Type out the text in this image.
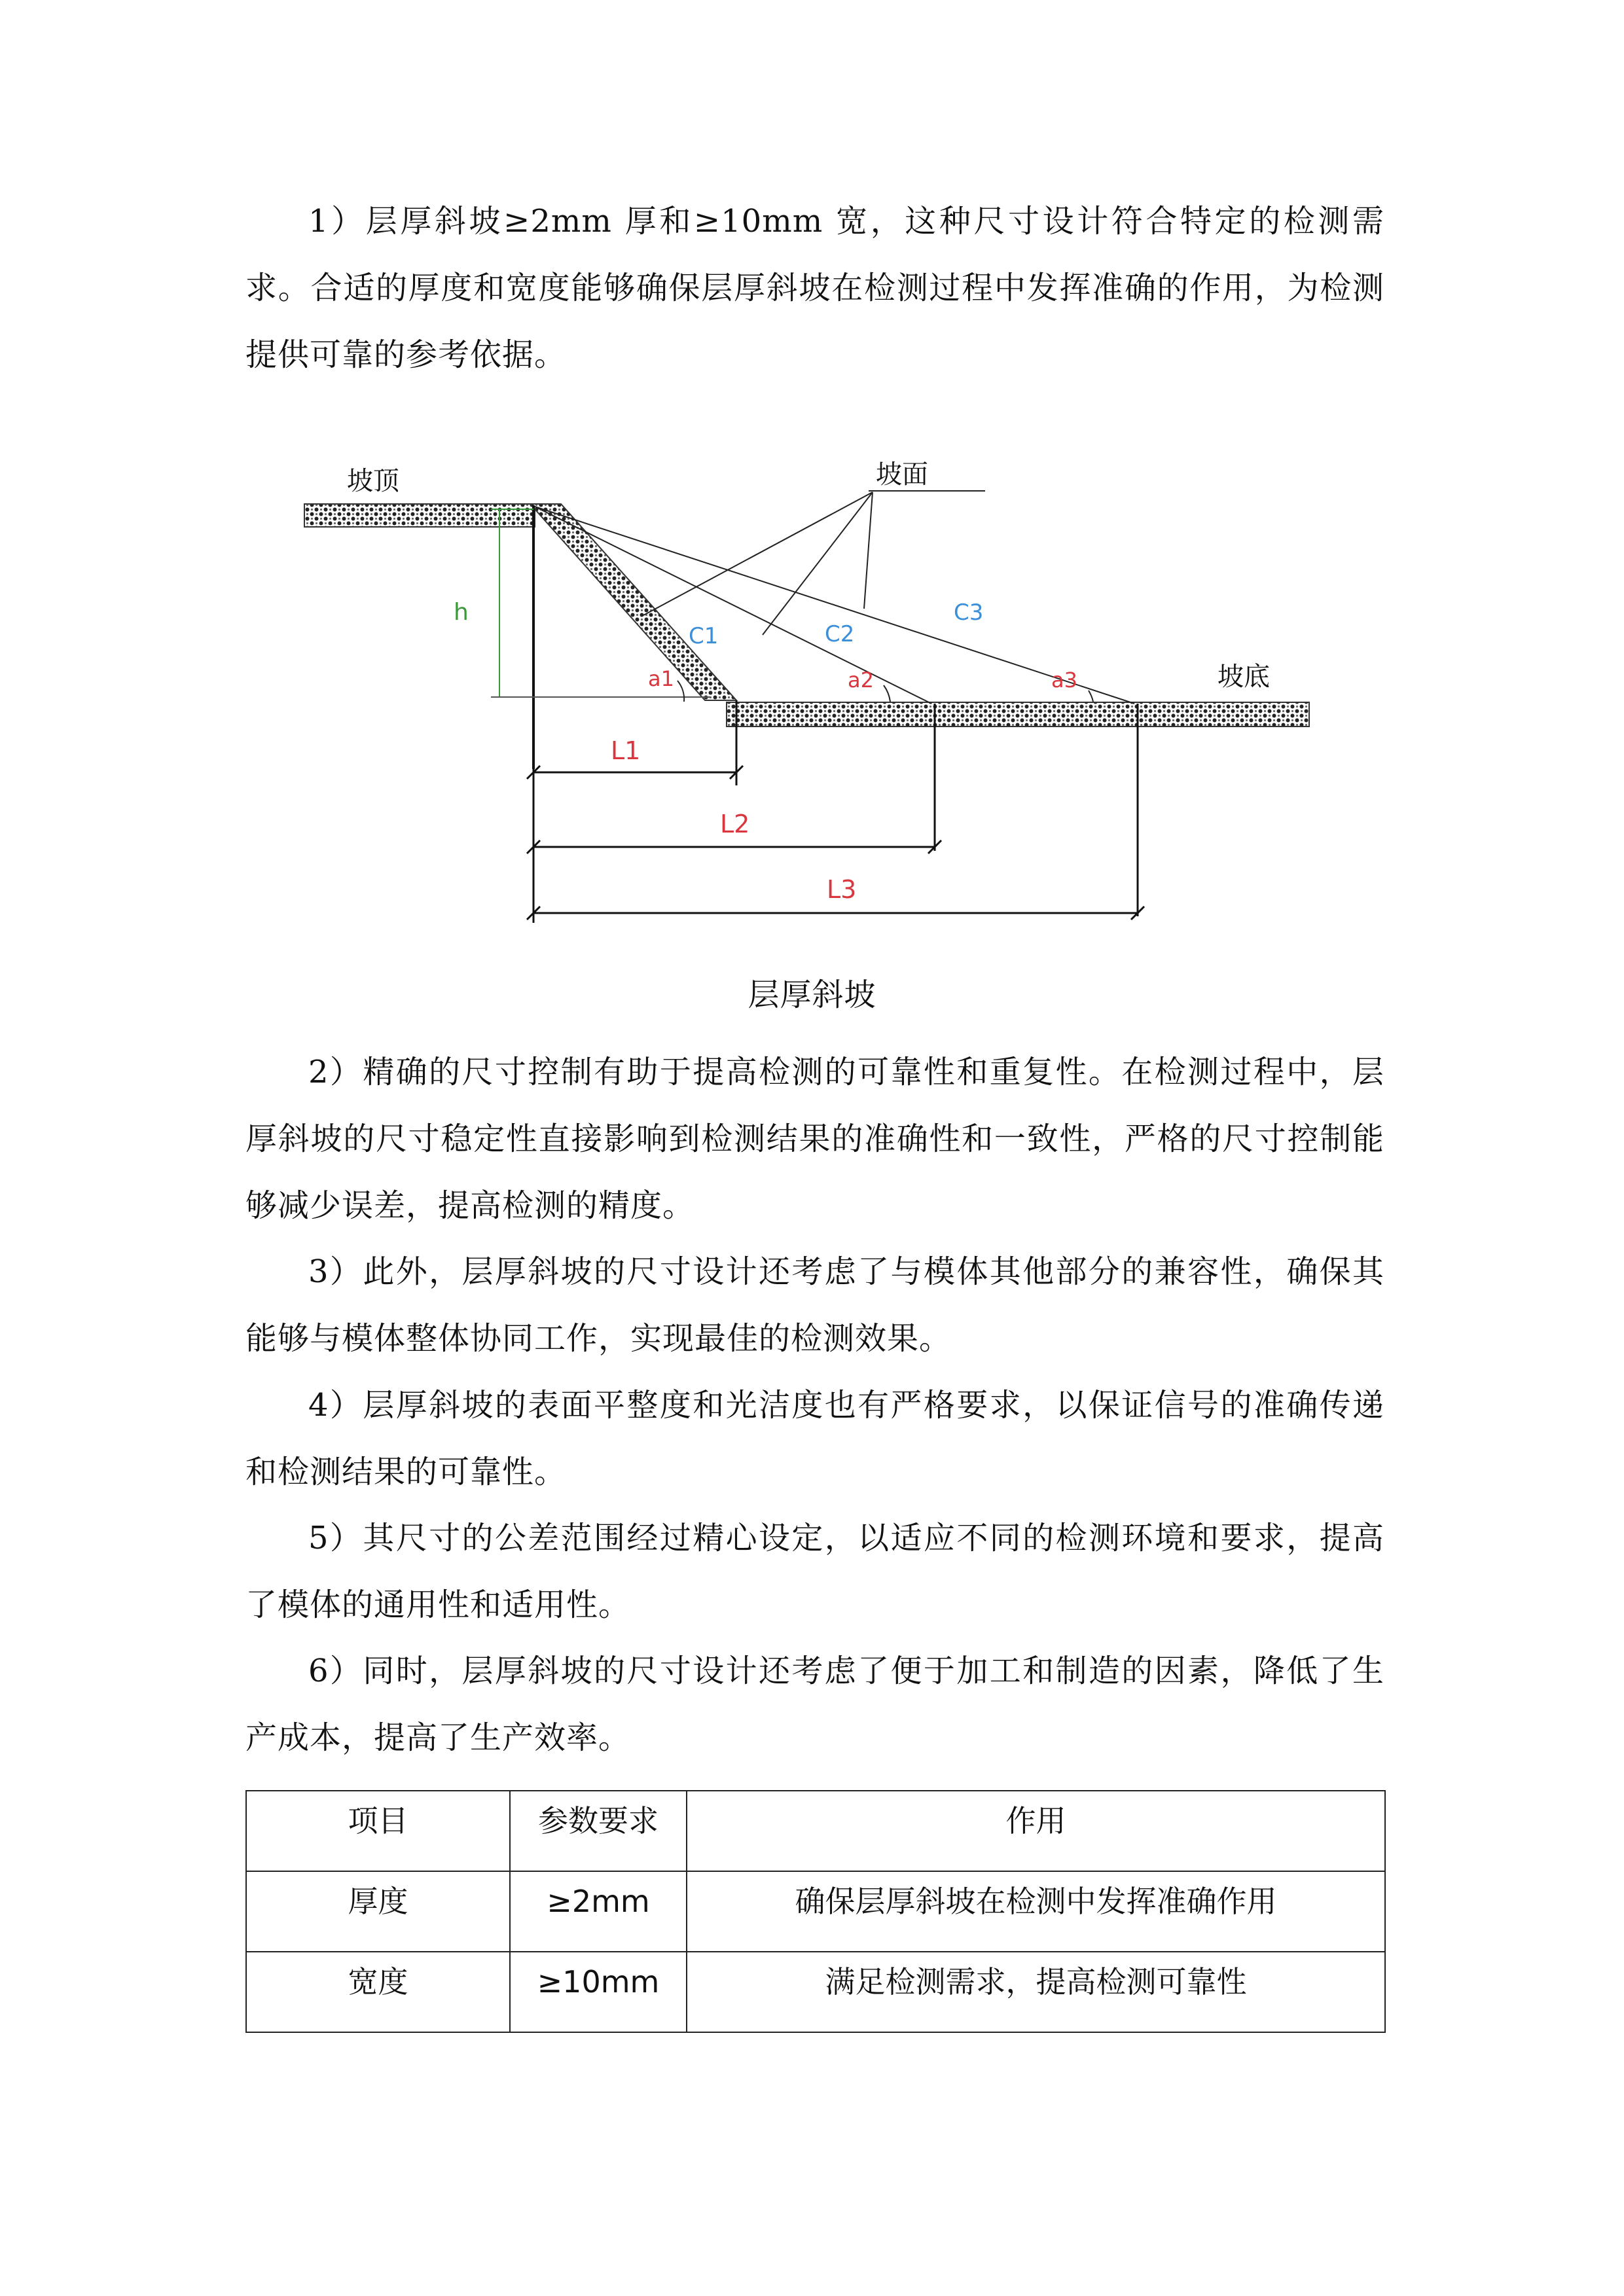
1）层厚斜坡≥2mm 厚和≥10mm 宽，这种尺寸设计符合特定的检测需求。合适的厚度和宽度能够确保层厚斜坡在检测过程中发挥准确的作用，为检测提供可靠的参考依据。

坡顶	坡面
坡底
h
C1	C2
C3
a1	a2	a3
L1
L2
L3
层厚斜坡

2）精确的尺寸控制有助于提高检测的可靠性和重复性。在检测过程中，层厚斜坡的尺寸稳定性直接影响到检测结果的准确性和一致性，严格的尺寸控制能够减少误差，提高检测的精度。

3）此外，层厚斜坡的尺寸设计还考虑了与模体其他部分的兼容性，确保其能够与模体整体协同工作，实现最佳的检测效果。

4）层厚斜坡的表面平整度和光洁度也有严格要求，以保证信号的准确传递和检测结果的可靠性。

5）其尺寸的公差范围经过精心设定，以适应不同的检测环境和要求，提高了模体的通用性和适用性。

6）同时，层厚斜坡的尺寸设计还考虑了便于加工和制造的因素，降低了生产成本，提高了生产效率。

项目	参数要求	作用
厚度	≥2mm	确保层厚斜坡在检测中发挥准确作用
宽度	≥10mm	满足检测需求，提高检测可靠性
